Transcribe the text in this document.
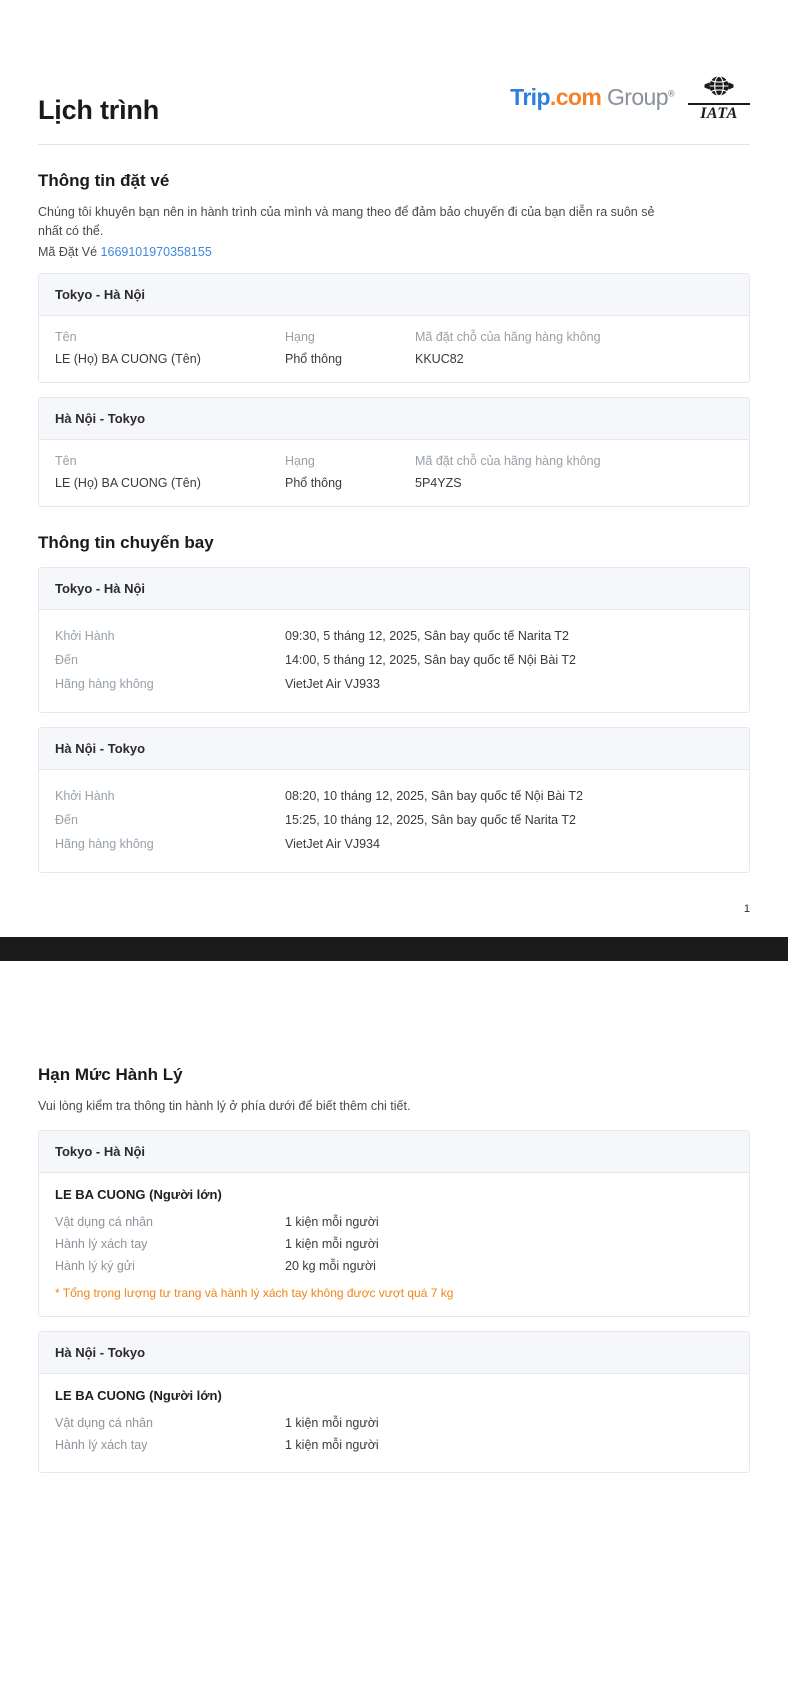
Lịch trình	Trip.com Group®
IATA
Thông tin đặt vé

Chúng tôi khuyên bạn nên in hành trình của mình và mang theo để đảm bảo chuyến đi của bạn diễn ra suôn sẻ nhất có thể.

Mã Đặt Vé 1669101970358155
Tokyo - Hà Nội
Tên	Hạng	Mã đặt chỗ của hãng hàng không
LE (Họ) BA CUONG (Tên)	Phổ thông	KKUC82
Hà Nội - Tokyo
Tên	Hạng	Mã đặt chỗ của hãng hàng không
LE (Họ) BA CUONG (Tên)	Phổ thông	5P4YZS
Thông tin chuyến bay
Tokyo - Hà Nội
Khởi Hành	09:30, 5 tháng 12, 2025, Sân bay quốc tế Narita T2
Đến	14:00, 5 tháng 12, 2025, Sân bay quốc tế Nội Bài T2
Hãng hàng không	VietJet Air VJ933
Hà Nội - Tokyo
Khởi Hành	08:20, 10 tháng 12, 2025, Sân bay quốc tế Nội Bài T2
Đến	15:25, 10 tháng 12, 2025, Sân bay quốc tế Narita T2
Hãng hàng không	VietJet Air VJ934
1
Hạn Mức Hành Lý

Vui lòng kiểm tra thông tin hành lý ở phía dưới để biết thêm chi tiết.

Tokyo - Hà Nội
LE BA CUONG (Người lớn)
Vật dụng cá nhân	1 kiện mỗi người
Hành lý xách tay	1 kiện mỗi người
Hành lý ký gửi	20 kg mỗi người
* Tổng trọng lượng tư trang và hành lý xách tay không được vượt quá 7 kg
Hà Nội - Tokyo
LE BA CUONG (Người lớn)
Vật dụng cá nhân	1 kiện mỗi người
Hành lý xách tay	1 kiện mỗi người
